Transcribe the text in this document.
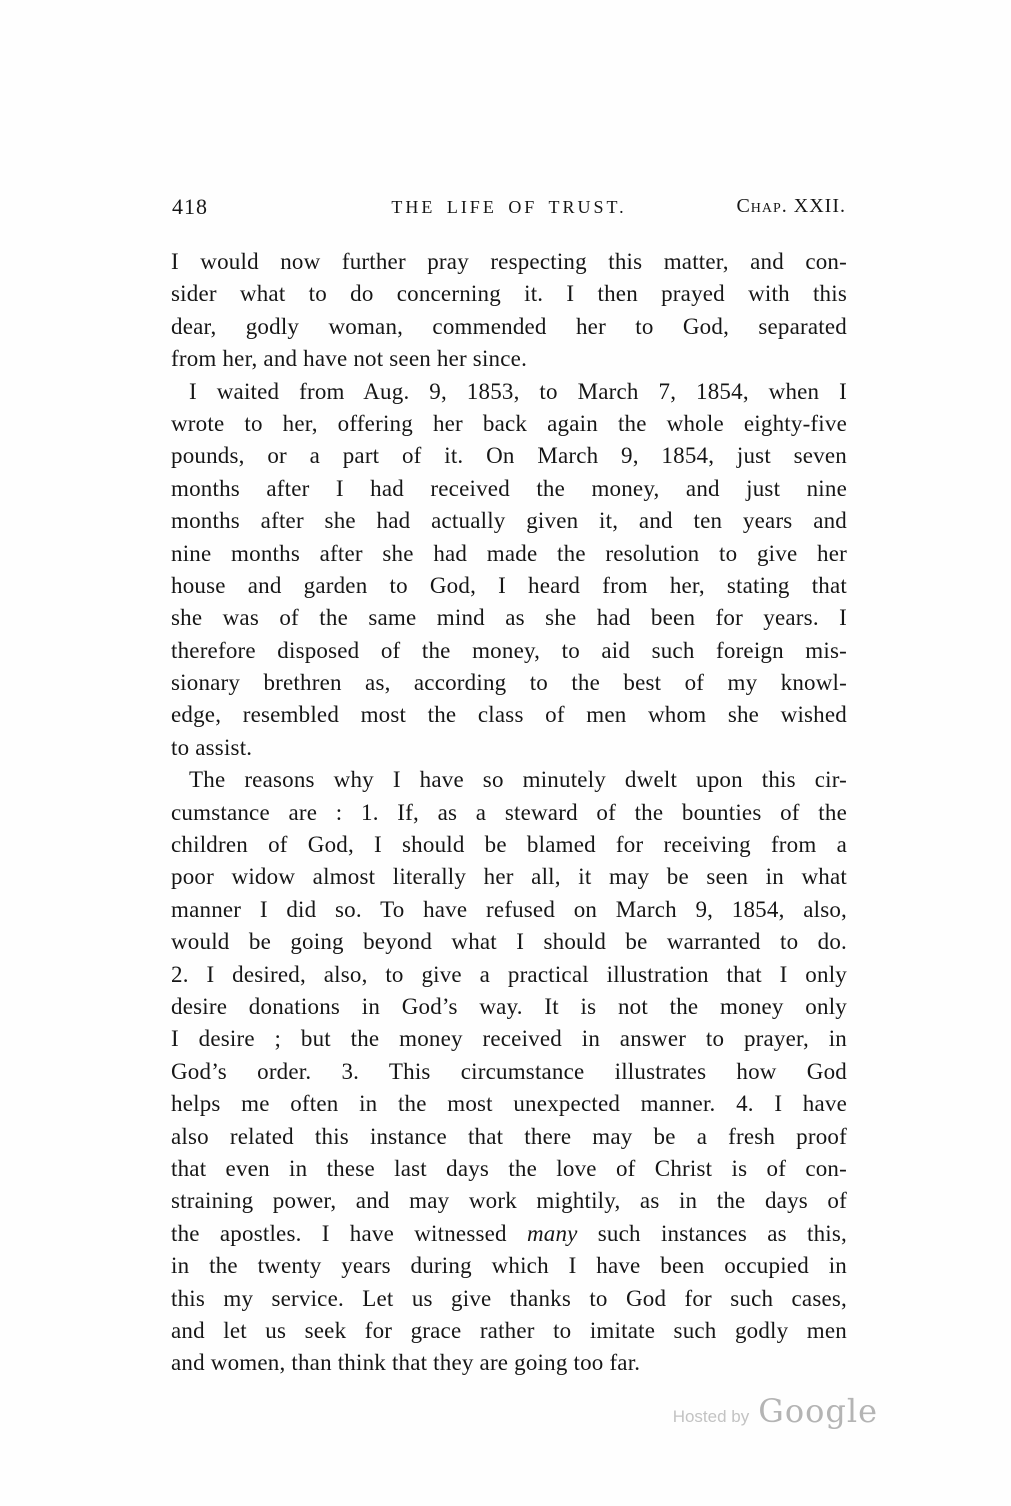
418	THE LIFE OF TRUST.	Chap. XXII.
I would now further pray respecting this matter, and con-
sider what to do concerning it. I then prayed with this
dear, godly woman, commended her to God, separated
from her, and have not seen her since.
I waited from Aug. 9, 1853, to March 7, 1854, when I
wrote to her, offering her back again the whole eighty-five
pounds, or a part of it. On March 9, 1854, just seven
months after I had received the money, and just nine
months after she had actually given it, and ten years and
nine months after she had made the resolution to give her
house and garden to God, I heard from her, stating that
she was of the same mind as she had been for years. I
therefore disposed of the money, to aid such foreign mis-
sionary brethren as, according to the best of my knowl-
edge, resembled most the class of men whom she wished
to assist.
The reasons why I have so minutely dwelt upon this cir-
cumstance are : 1. If, as a steward of the bounties of the
children of God, I should be blamed for receiving from a
poor widow almost literally her all, it may be seen in what
manner I did so. To have refused on March 9, 1854, also,
would be going beyond what I should be warranted to do.
2. I desired, also, to give a practical illustration that I only
desire donations in God’s way. It is not the money only
I desire ; but the money received in answer to prayer, in
God’s order. 3. This circumstance illustrates how God
helps me often in the most unexpected manner. 4. I have
also related this instance that there may be a fresh proof
that even in these last days the love of Christ is of con-
straining power, and may work mightily, as in the days of
the apostles. I have witnessed many such instances as this,
in the twenty years during which I have been occupied in
this my service. Let us give thanks to God for such cases,
and let us seek for grace rather to imitate such godly men
and women, than think that they are going too far.
Hosted by Google
